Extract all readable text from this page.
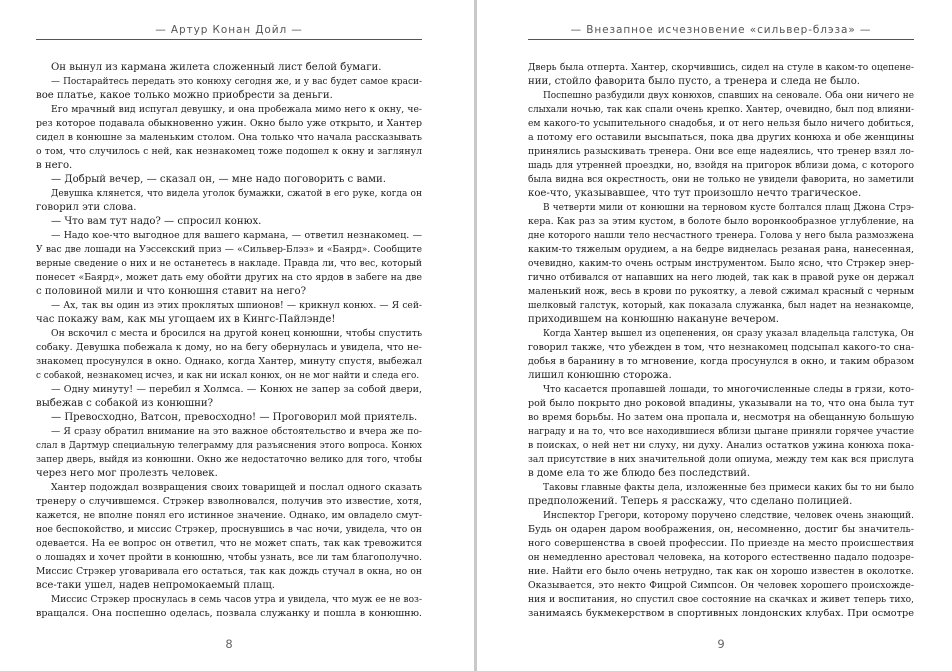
— Артур Конан Дойл —
Он вынул из кармана жилета сложенный лист белой бумаги.
— Постарайтесь передать это конюху сегодня же, и у вас будет самое краси-
вое платье, какое только можно приобрести за деньги.
Его мрачный вид испугал девушку, и она пробежала мимо него к окну, че-
рез которое подавала обыкновенно ужин. Окно было уже открыто, и Хантер
сидел в конюшне за маленьким столом. Она только что начала рассказывать
о том, что случилось с ней, как незнакомец тоже подошел к окну и заглянул
в него.
— Добрый вечер, — сказал он, — мне надо поговорить с вами.
Девушка клянется, что видела уголок бумажки, сжатой в его руке, когда он
говорил эти слова.
— Что вам тут надо? — спросил конюх.
— Надо кое-что выгодное для вашего кармана, — ответил незнакомец. —
У вас две лошади на Уэссекский приз — «Сильвер-Блэз» и «Баярд». Сообщите
верные сведение о них и не останетесь в накладе. Правда ли, что вес, который
понесет «Баярд», может дать ему обойти других на сто ярдов в забеге на две
с половиной мили и что конюшня ставит на него?
— Ах, так вы один из этих проклятых шпионов! — крикнул конюх. — Я сей-
час покажу вам, как мы угощаем их в Кингс-Пайлэнде!
Он вскочил с места и бросился на другой конец конюшни, чтобы спустить
собаку. Девушка побежала к дому, но на бегу обернулась и увидела, что не-
знакомец просунулся в окно. Однако, когда Хантер, минуту спустя, выбежал
с собакой, незнакомец исчез, и как ни искал конюх, он не мог найти и следа его.
— Одну минуту! — перебил я Холмса. — Конюх не запер за собой двери,
выбежав с собакой из конюшни?
— Превосходно, Ватсон, превосходно! — Проговорил мой приятель.
— Я сразу обратил внимание на это важное обстоятельство и вчера же по-
слал в Дартмур специальную телеграмму для разъяснения этого вопроса. Конюх
запер дверь, выйдя из конюшни. Окно же недостаточно велико для того, чтобы
через него мог пролезть человек.
Хантер подождал возвращения своих товарищей и послал одного сказать
тренеру о случившемся. Стрэкер взволновался, получив это известие, хотя,
кажется, не вполне понял его истинное значение. Однако, им овладело смут-
ное беспокойство, и миссис Стрэкер, проснувшись в час ночи, увидела, что он
одевается. На ее вопрос он ответил, что не может спать, так как тревожится
о лошадях и хочет пройти в конюшню, чтобы узнать, все ли там благополучно.
Миссис Стрэкер уговаривала его остаться, так как дождь стучал в окна, но он
все-таки ушел, надев непромокаемый плащ.
Миссис Стрэкер проснулась в семь часов утра и увидела, что муж ее не воз-
вращался. Она поспешно оделась, позвала служанку и пошла в конюшню.
8
— Внезапное исчезновение «сильвер-блэза» —
Дверь была отперта. Хантер, скорчившись, сидел на стуле в каком-то оцепене-
нии, стойло фаворита было пусто, а тренера и следа не было.
Поспешно разбудили двух конюхов, спавших на сеновале. Оба они ничего не
слыхали ночью, так как спали очень крепко. Хантер, очевидно, был под влияни-
ем какого-то усыпительного снадобья, и от него нельзя было ничего добиться,
а потому его оставили высыпаться, пока два других конюха и обе женщины
принялись разыскивать тренера. Они все еще надеялись, что тренер взял ло-
шадь для утренней проездки, но, взойдя на пригорок вблизи дома, с которого
была видна вся окрестность, они не только не увидели фаворита, но заметили
кое-что, указывавшее, что тут произошло нечто трагическое.
В четверти мили от конюшни на терновом кусте болтался плащ Джона Стрэ-
кера. Как раз за этим кустом, в болоте было воронкообразное углубление, на
дне которого нашли тело несчастного тренера. Голова у него была размозжена
каким-то тяжелым орудием, а на бедре виднелась резаная рана, нанесенная,
очевидно, каким-то очень острым инструментом. Было ясно, что Стрэкер энер-
гично отбивался от напавших на него людей, так как в правой руке он держал
маленький нож, весь в крови по рукоятку, а левой сжимал красный с черным
шелковый галстук, который, как показала служанка, был надет на незнакомце,
приходившем на конюшню накануне вечером.
Когда Хантер вышел из оцепенения, он сразу указал владельца галстука, Он
говорил также, что убежден в том, что незнакомец подсыпал какого-то сна-
добья в баранину в то мгновение, когда просунулся в окно, и таким образом
лишил конюшню сторожа.
Что касается пропавшей лошади, то многочисленные следы в грязи, кото-
рой было покрыто дно роковой впадины, указывали на то, что она была тут
во время борьбы. Но затем она пропала и, несмотря на обещанную большую
награду и на то, что все находившиеся вблизи цыгане приняли горячее участие
в поисках, о ней нет ни слуху, ни духу. Анализ остатков ужина конюха пока-
зал присутствие в них значительной доли опиума, между тем как вся прислуга
в доме ела то же блюдо без последствий.
Таковы главные факты дела, изложенные без примеси каких бы то ни было
предположений. Теперь я расскажу, что сделано полицией.
Инспектор Грегори, которому поручено следствие, человек очень знающий.
Будь он одарен даром воображения, он, несомненно, достиг бы значитель-
ного совершенства в своей профессии. По приезде на место происшествия
он немедленно арестовал человека, на которого естественно падало подозре-
ние. Найти его было очень нетрудно, так как он хорошо известен в околотке.
Оказывается, это некто Фицрой Симпсон. Он человек хорошего происхожде-
ния и воспитания, но спустил свое состояние на скачках и живет теперь тихо,
занимаясь букмекерством в спортивных лондонских клубах. При осмотре
9
